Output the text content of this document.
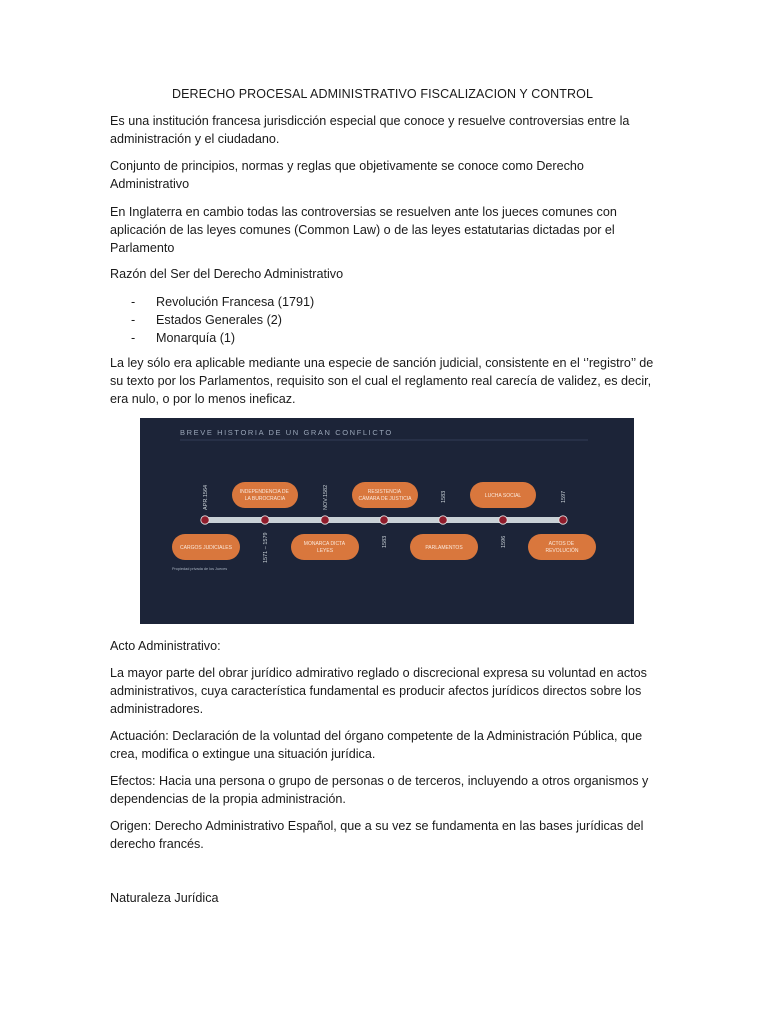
DERECHO PROCESAL ADMINISTRATIVO FISCALIZACION Y CONTROL
Es una institución francesa jurisdicción especial que conoce y resuelve controversias entre la administración y el ciudadano.
Conjunto de principios, normas y reglas que objetivamente se conoce como Derecho Administrativo
En Inglaterra en cambio todas las controversias se resuelven ante los jueces comunes con aplicación de las leyes comunes (Common Law) o de las leyes estatutarias dictadas por el Parlamento
Razón del Ser del Derecho Administrativo
- Revolución Francesa (1791)
- Estados Generales (2)
- Monarquía (1)
La ley sólo era aplicable mediante una especie de sanción judicial, consistente en el ‘’registro’’ de su texto por los Parlamentos, requisito son el cual el reglamento real carecía de validez, es decir, era nulo, o por lo menos ineficaz.
Acto Administrativo:
La mayor parte del obrar jurídico admirativo reglado o discrecional expresa su voluntad en actos administrativos, cuya característica fundamental es producir afectos jurídicos directos sobre los administradores.
Actuación: Declaración de la voluntad del órgano competente de la Administración Pública, que crea, modifica o extingue una situación jurídica.
Efectos: Hacia una persona o grupo de personas o de terceros, incluyendo a otros organismos y dependencias de la propia administración.
Origen: Derecho Administrativo Español, que a su vez se fundamenta en las bases jurídicas del derecho francés.
Naturaleza Jurídica
BREVE HISTORIA DE UN GRAN CONFLICTO
APR.1564	NOV.1582	1583	1597
1571 – 1579	1583	1596
INDEPENDENCIA DE LA BUROCRACIA
RESISTENCIA CÁMARA DE JUSTICIA	LUCHA SOCIAL
CARGOS JUDICIALES
MONARCA DICTA LEYES	PARLAMENTOS
ACTOS DE REVOLUCIÓN
Propiedad privada de los Jueces
